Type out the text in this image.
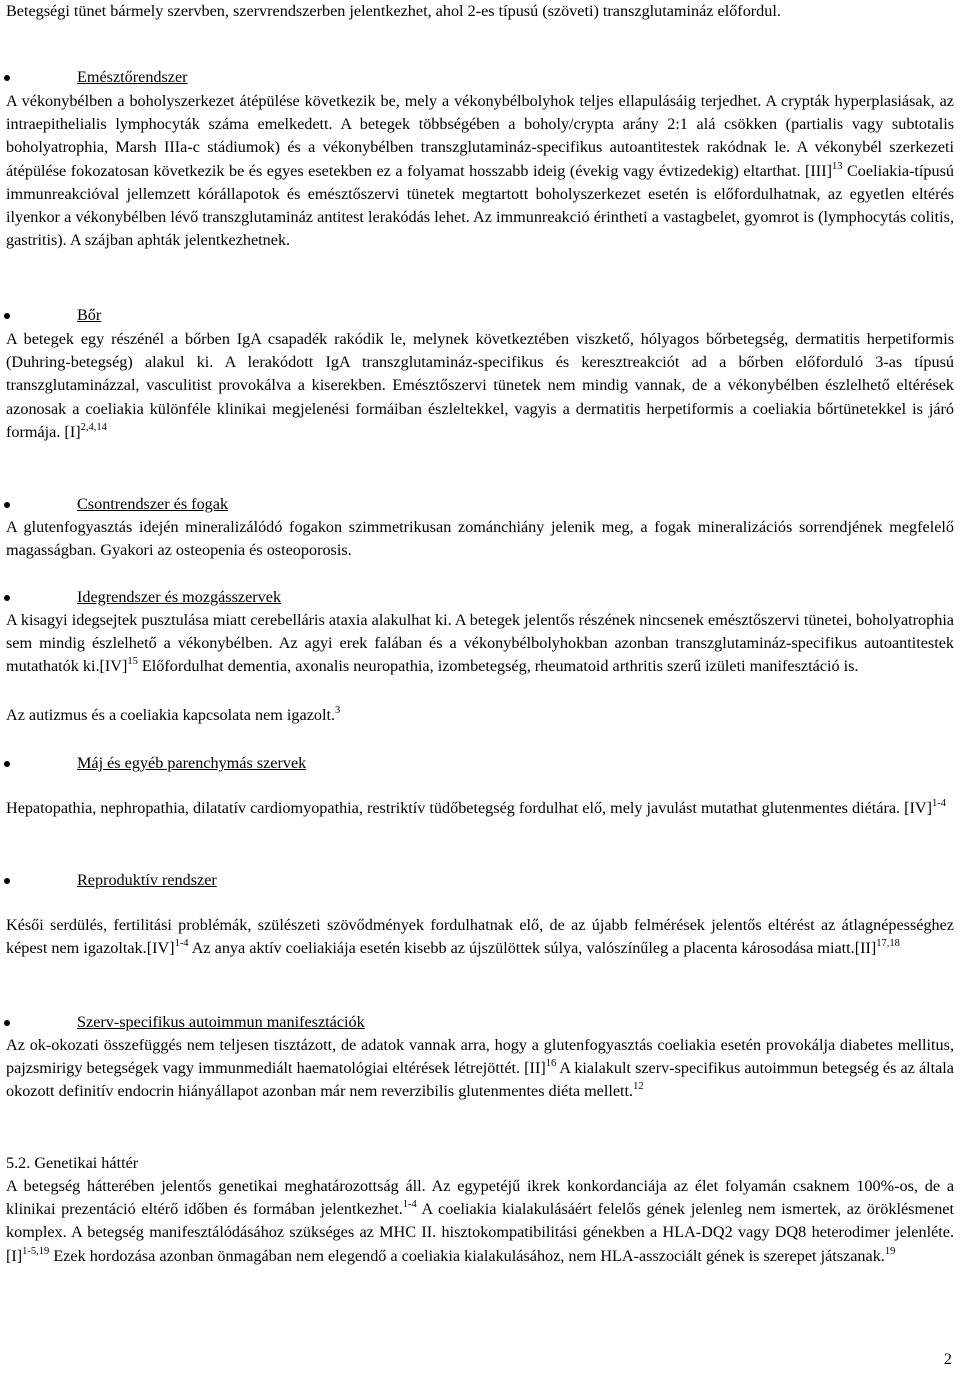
Betegségi tünet bármely szervben, szervrendszerben jelentkezhet, ahol 2-es típusú (szöveti) transzglutamináz előfordul.

Emésztőrendszer

A vékonybélben a boholyszerkezet átépülése következik be, mely a vékonybélbolyhok teljes ellapulásáig terjedhet. A crypták hyperplasiásak, az intraepithelialis lymphocyták száma emelkedett. A betegek többségében a boholy/crypta arány 2:1 alá csökken (partialis vagy subtotalis boholyatrophia, Marsh IIIa-c stádiumok) és a vékonybélben transzglutamináz-specifikus autoantitestek rakódnak le. A vékonybél szerkezeti átépülése fokozatosan következik be és egyes esetekben ez a folyamat hosszabb ideig (évekig vagy évtizedekig) eltarthat. [III]$^{13}$ Coeliakia-típusú immunreakcióval jellemzett kórállapotok és emésztőszervi tünetek megtartott boholyszerkezet esetén is előfordulhatnak, az egyetlen eltérés ilyenkor a vékonybélben lévő transzglutamináz antitest lerakódás lehet. Az immunreakció érintheti a vastagbelet, gyomrot is (lymphocytás colitis, gastritis). A szájban aphták jelentkezhetnek.

Bőr

A betegek egy részénél a bőrben IgA csapadék rakódik le, melynek következtében viszkető, hólyagos bőrbetegség, dermatitis herpetiformis (Duhring-betegség) alakul ki. A lerakódott IgA transzglutamináz-specifikus és keresztreakciót ad a bőrben előforduló 3-as típusú transzglutaminázzal, vasculitist provokálva a kiserekben. Emésztőszervi tünetek nem mindig vannak, de a vékonybélben észlelhető eltérések azonosak a coeliakia különféle klinikai megjelenési formáiban észleltekkel, vagyis a dermatitis herpetiformis a coeliakia bőrtünetekkel is járó formája. $[I]^{2,4,14}$

Csontrendszer és fogak

A glutenfogyasztás idején mineralizálódó fogakon szimmetrikusan zománchiány jelenik meg, a fogak mineralizációs sorrendjének megfelelő magasságban. Gyakori az osteopenia és osteoporosis.

Idegrendszer és mozgásszervek

A kisagyi idegsejtek pusztulása miatt cerebelláris ataxia alakulhat ki. A betegek jelentős részének nincsenek emésztőszervi tünetei, boholyatrophia sem mindig észlelhető a vékonybélben. Az agyi erek falában és a vékonybélbolyhokban azonban transzglutamináz-specifikus autoantitestek mutathatók ki.[IV]$^{15}$ Előfordulhat dementia, axonalis neuropathia, izombetegség, rheumatoid arthritis szerű izületi manifesztáció is.

Az autizmus és a coeliakia kapcsolata nem igazolt.$^3$

Máj és egyéb parenchymás szervek

Hepatopathia, nephropathia, dilatatív cardiomyopathia, restriktív tüdőbetegség fordulhat elő, mely javulást mutathat glutenmentes diétára. [IV]$^{1-4}$

Reproduktív rendszer

Késői serdülés, fertilitási problémák, szülészeti szövődmények fordulhatnak elő, de az újabb felmérések jelentős eltérést az átlagnépességhez képest nem igazoltak.[IV]$^{1-4}$ Az anya aktív coeliakiája esetén kisebb az újszülöttek súlya, valószínűleg a placenta károsodása miatt.[II]$^{17,18}$

Szerv-specifikus autoimmun manifesztációk

Az ok-okozati összefüggés nem teljesen tisztázott, de adatok vannak arra, hogy a glutenfogyasztás coeliakia esetén provokálja diabetes mellitus, pajzsmirigy betegségek vagy immunmediált haematológiai eltérések létrejöttét. [II]$^{16}$ A kialakult szerv-specifikus autoimmun betegség és az általa okozott definitív endocrin hiányállapot azonban már nem reverzibilis glutenmentes diéta mellett.$^{12}$

5.2. Genetikai háttér

A betegség hátterében jelentős genetikai meghatározottság áll. Az egypetéjű ikrek konkordanciája az élet folyamán csaknem 100%-os, de a klinikai prezentáció eltérő időben és formában jelentkezhet.$^{1-4}$ A coeliakia kialakulásáért felelős gének jelenleg nem ismertek, az öröklésmenet komplex. A betegség manifesztálódásához szükséges az MHC II. hisztokompatibilitási génekben a HLA-DQ2 vagy DQ8 heterodimer jelenléte. $[I]^{1-5,19}$ Ezek hordozása azonban önmagában nem elegendő a coeliakia kialakulásához, nem HLA-asszociált gének is szerepet játszanak.$^{19}$

2
